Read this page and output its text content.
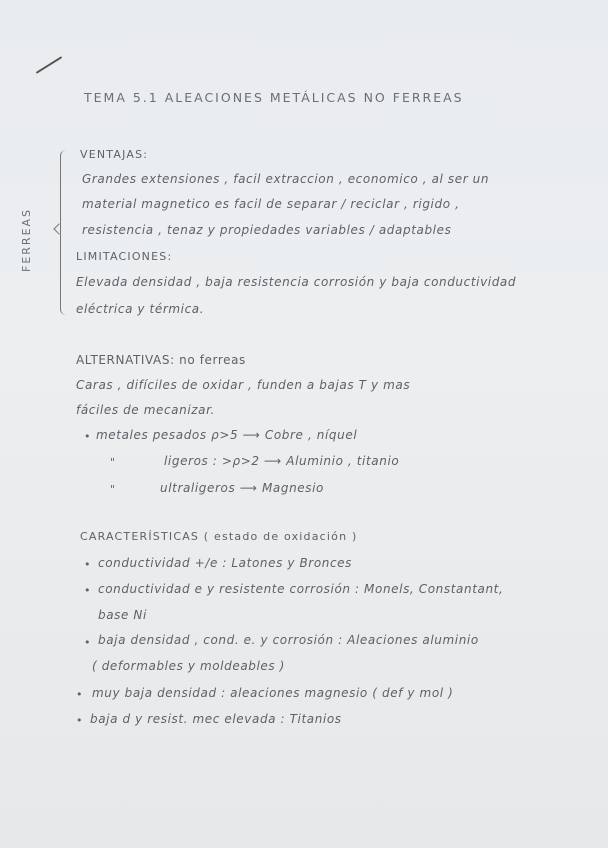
TEMA 5.1 ALEACIONES METÁLICAS NO FERREAS
FERREAS
VENTAJAS:
Grandes extensiones , facil extraccion , economico , al ser un
material magnetico es facil de separar / reciclar , rigido ,
resistencia , tenaz y propiedades variables / adaptables
LIMITACIONES:
Elevada densidad , baja resistencia corrosión y baja conductividad
eléctrica y térmica.
ALTERNATIVAS: no ferreas
Caras , difíciles de oxidar , funden a bajas T y mas
fáciles de mecanizar.
• metales pesados ρ>5 ⟶ Cobre , níquel
"	ligeros : >ρ>2 ⟶ Aluminio , titanio
"	ultraligeros ⟶ Magnesio
CARACTERÍSTICAS ( estado de oxidación )
• conductividad +/e : Latones y Bronces
• conductividad e y resistente corrosión : Monels, Constantant,
base Ni
• baja densidad , cond. e. y corrosión : Aleaciones aluminio
( deformables y moldeables )
• muy baja densidad : aleaciones magnesio ( def y mol )
• baja d y resist. mec elevada : Titanios
